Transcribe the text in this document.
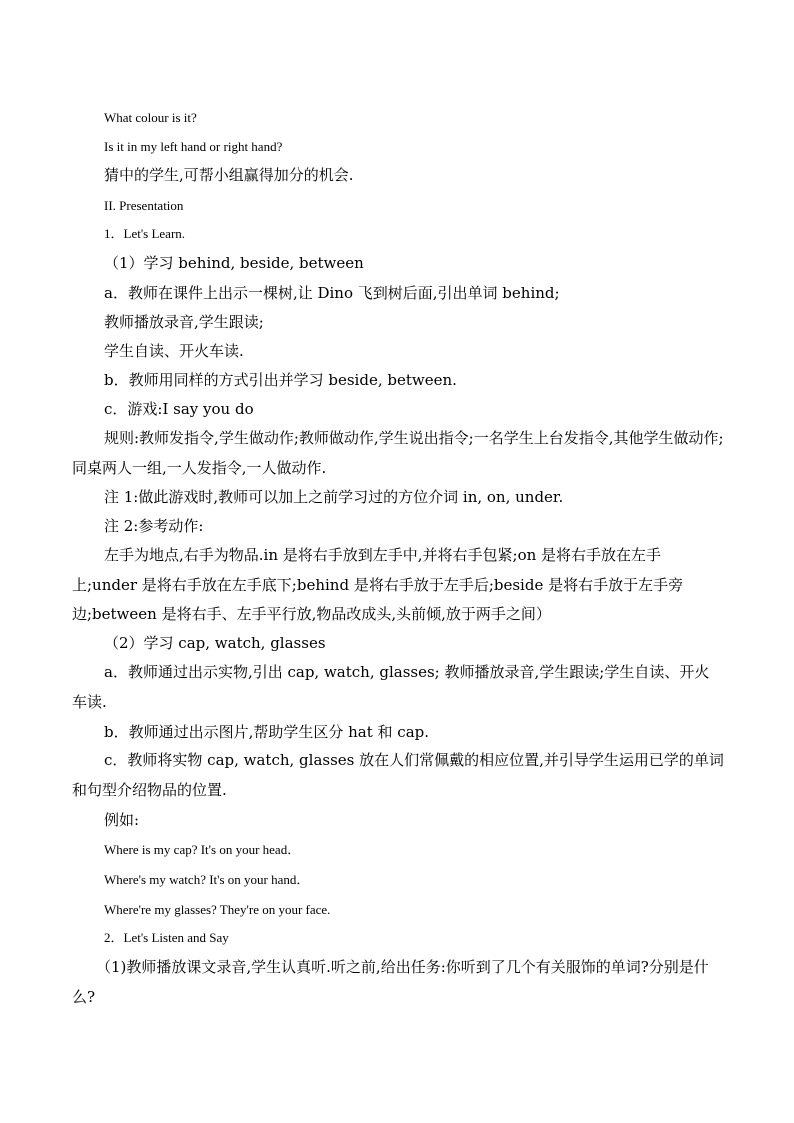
What colour is it?
Is it in my left hand or right hand?
猜中的学生,可帮小组赢得加分的机会.
II. Presentation
1．Let's Learn.
（1）学习 behind, beside, between
a．教师在课件上出示一棵树,让 Dino 飞到树后面,引出单词 behind;
教师播放录音,学生跟读;
学生自读、开火车读.
b．教师用同样的方式引出并学习 beside, between.
c．游戏:I say you do
规则:教师发指令,学生做动作;教师做动作,学生说出指令;一名学生上台发指令,其他学生做动作;同桌两人一组,一人发指令,一人做动作.
注 1:做此游戏时,教师可以加上之前学习过的方位介词 in, on, under.
注 2:参考动作:
左手为地点,右手为物品.in 是将右手放到左手中,并将右手包紧;on 是将右手放在左手上;under 是将右手放在左手底下;behind 是将右手放于左手后;beside 是将右手放于左手旁边;between 是将右手、左手平行放,物品改成头,头前倾,放于两手之间）
（2）学习 cap, watch, glasses
a．教师通过出示实物,引出 cap, watch, glasses; 教师播放录音,学生跟读;学生自读、开火车读.
b．教师通过出示图片,帮助学生区分 hat 和 cap.
c．教师将实物 cap, watch, glasses 放在人们常佩戴的相应位置,并引导学生运用已学的单词和句型介绍物品的位置.
例如:
Where is my cap? It's on your head．
Where's my watch? It's on your hand．
Where're my glasses? They're on your face.
2．Let's Listen and Say
（1)教师播放课文录音,学生认真听.听之前,给出任务:你听到了几个有关服饰的单词?分别是什么?
